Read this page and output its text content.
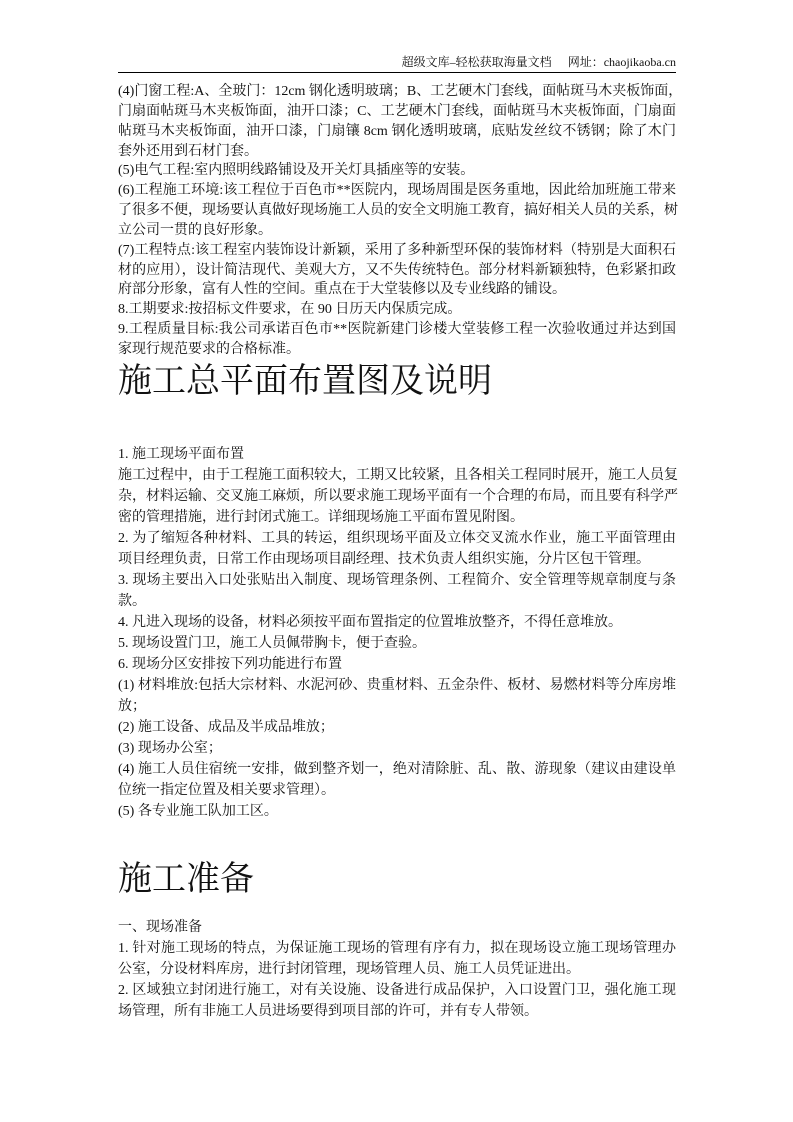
超级文库–轻松获取海量文档 网址：chaojikaoba.cn
(4)门窗工程:A、全玻门：12cm 钢化透明玻璃；B、工艺硬木门套线，面帖斑马木夹板饰面，
门扇面帖斑马木夹板饰面，油开口漆；C、工艺硬木门套线，面帖斑马木夹板饰面，门扇面
帖斑马木夹板饰面，油开口漆，门扇镶 8cm 钢化透明玻璃，底贴发丝纹不锈钢；除了木门
套外还用到石材门套。
(5)电气工程:室内照明线路铺设及开关灯具插座等的安装。
(6)工程施工环境:该工程位于百色市**医院内，现场周围是医务重地，因此给加班施工带来
了很多不便，现场要认真做好现场施工人员的安全文明施工教育，搞好相关人员的关系，树
立公司一贯的良好形象。
(7)工程特点:该工程室内装饰设计新颖，采用了多种新型环保的装饰材料（特别是大面积石
材的应用），设计简洁现代、美观大方，又不失传统特色。部分材料新颖独特，色彩紧扣政
府部分形象，富有人性的空间。重点在于大堂装修以及专业线路的铺设。
8.工期要求:按招标文件要求，在 90 日历天内保质完成。
9.工程质量目标:我公司承诺百色市**医院新建门诊楼大堂装修工程一次验收通过并达到国
家现行规范要求的合格标准。
施工总平面布置图及说明
1. 施工现场平面布置
施工过程中，由于工程施工面积较大，工期又比较紧，且各相关工程同时展开，施工人员复
杂，材料运输、交叉施工麻烦，所以要求施工现场平面有一个合理的布局，而且要有科学严
密的管理措施，进行封闭式施工。详细现场施工平面布置见附图。
2. 为了缩短各种材料、工具的转运，组织现场平面及立体交叉流水作业，施工平面管理由
项目经理负责，日常工作由现场项目副经理、技术负责人组织实施，分片区包干管理。
3. 现场主要出入口处张贴出入制度、现场管理条例、工程简介、安全管理等规章制度与条
款。
4. 凡进入现场的设备，材料必须按平面布置指定的位置堆放整齐，不得任意堆放。
5. 现场设置门卫，施工人员佩带胸卡，便于查验。
6. 现场分区安排按下列功能进行布置
(1) 材料堆放:包括大宗材料、水泥河砂、贵重材料、五金杂件、板材、易燃材料等分库房堆
放；
(2) 施工设备、成品及半成品堆放；
(3) 现场办公室；
(4) 施工人员住宿统一安排，做到整齐划一，绝对清除脏、乱、散、游现象（建议由建设单
位统一指定位置及相关要求管理）。
(5) 各专业施工队加工区。
施工准备
一、现场准备
1. 针对施工现场的特点，为保证施工现场的管理有序有力，拟在现场设立施工现场管理办
公室，分设材料库房，进行封闭管理，现场管理人员、施工人员凭证进出。
2. 区域独立封闭进行施工，对有关设施、设备进行成品保护，入口设置门卫，强化施工现
场管理，所有非施工人员进场要得到项目部的许可，并有专人带领。
